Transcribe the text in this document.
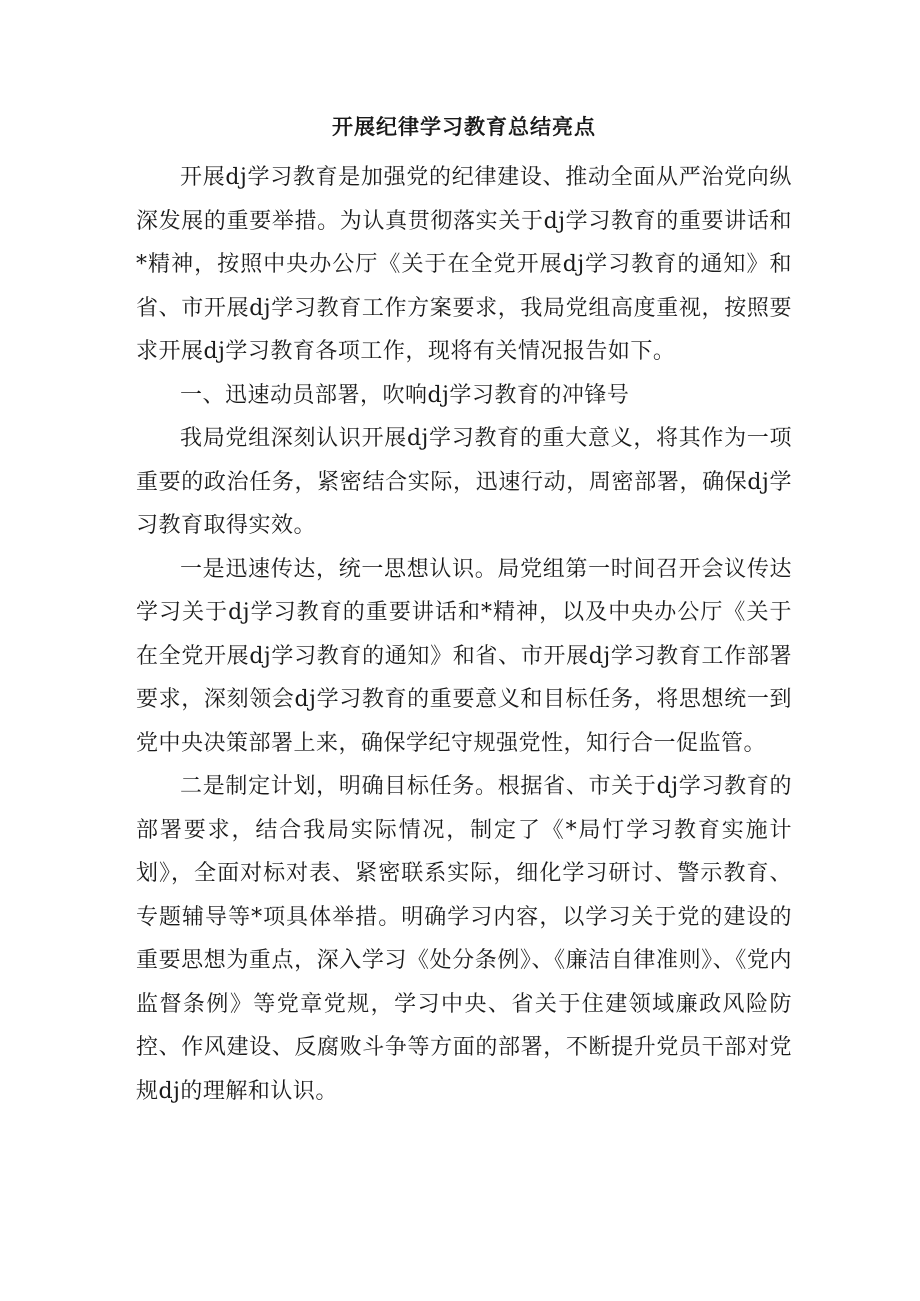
开展纪律学习教育总结亮点

开展dj学习教育是加强党的纪律建设、推动全面从严治党向纵深发展的重要举措。为认真贯彻落实关于dj学习教育的重要讲话和*精神，按照中央办公厅《关于在全党开展dj学习教育的通知》和省、市开展dj学习教育工作方案要求，我局党组高度重视，按照要求开展dj学习教育各项工作，现将有关情况报告如下。

一、迅速动员部署，吹响dj学习教育的冲锋号

我局党组深刻认识开展dj学习教育的重大意义，将其作为一项重要的政治任务，紧密结合实际，迅速行动，周密部署，确保dj学习教育取得实效。

一是迅速传达，统一思想认识。局党组第一时间召开会议传达学习关于dj学习教育的重要讲话和*精神，以及中央办公厅《关于在全党开展dj学习教育的通知》和省、市开展dj学习教育工作部署要求，深刻领会dj学习教育的重要意义和目标任务，将思想统一到党中央决策部署上来，确保学纪守规强党性，知行合一促监管。

二是制定计划，明确目标任务。根据省、市关于dj学习教育的部署要求，结合我局实际情况，制定了《*局忊学习教育实施计划》，全面对标对表、紧密联系实际，细化学习研讨、警示教育、专题辅导等*项具体举措。明确学习内容，以学习关于党的建设的重要思想为重点，深入学习《处分条例》、《廉洁自律准则》、《党内监督条例》等党章党规，学习中央、省关于住建领域廉政风险防控、作风建设、反腐败斗争等方面的部署，不断提升党员干部对党规dj的理解和认识。
